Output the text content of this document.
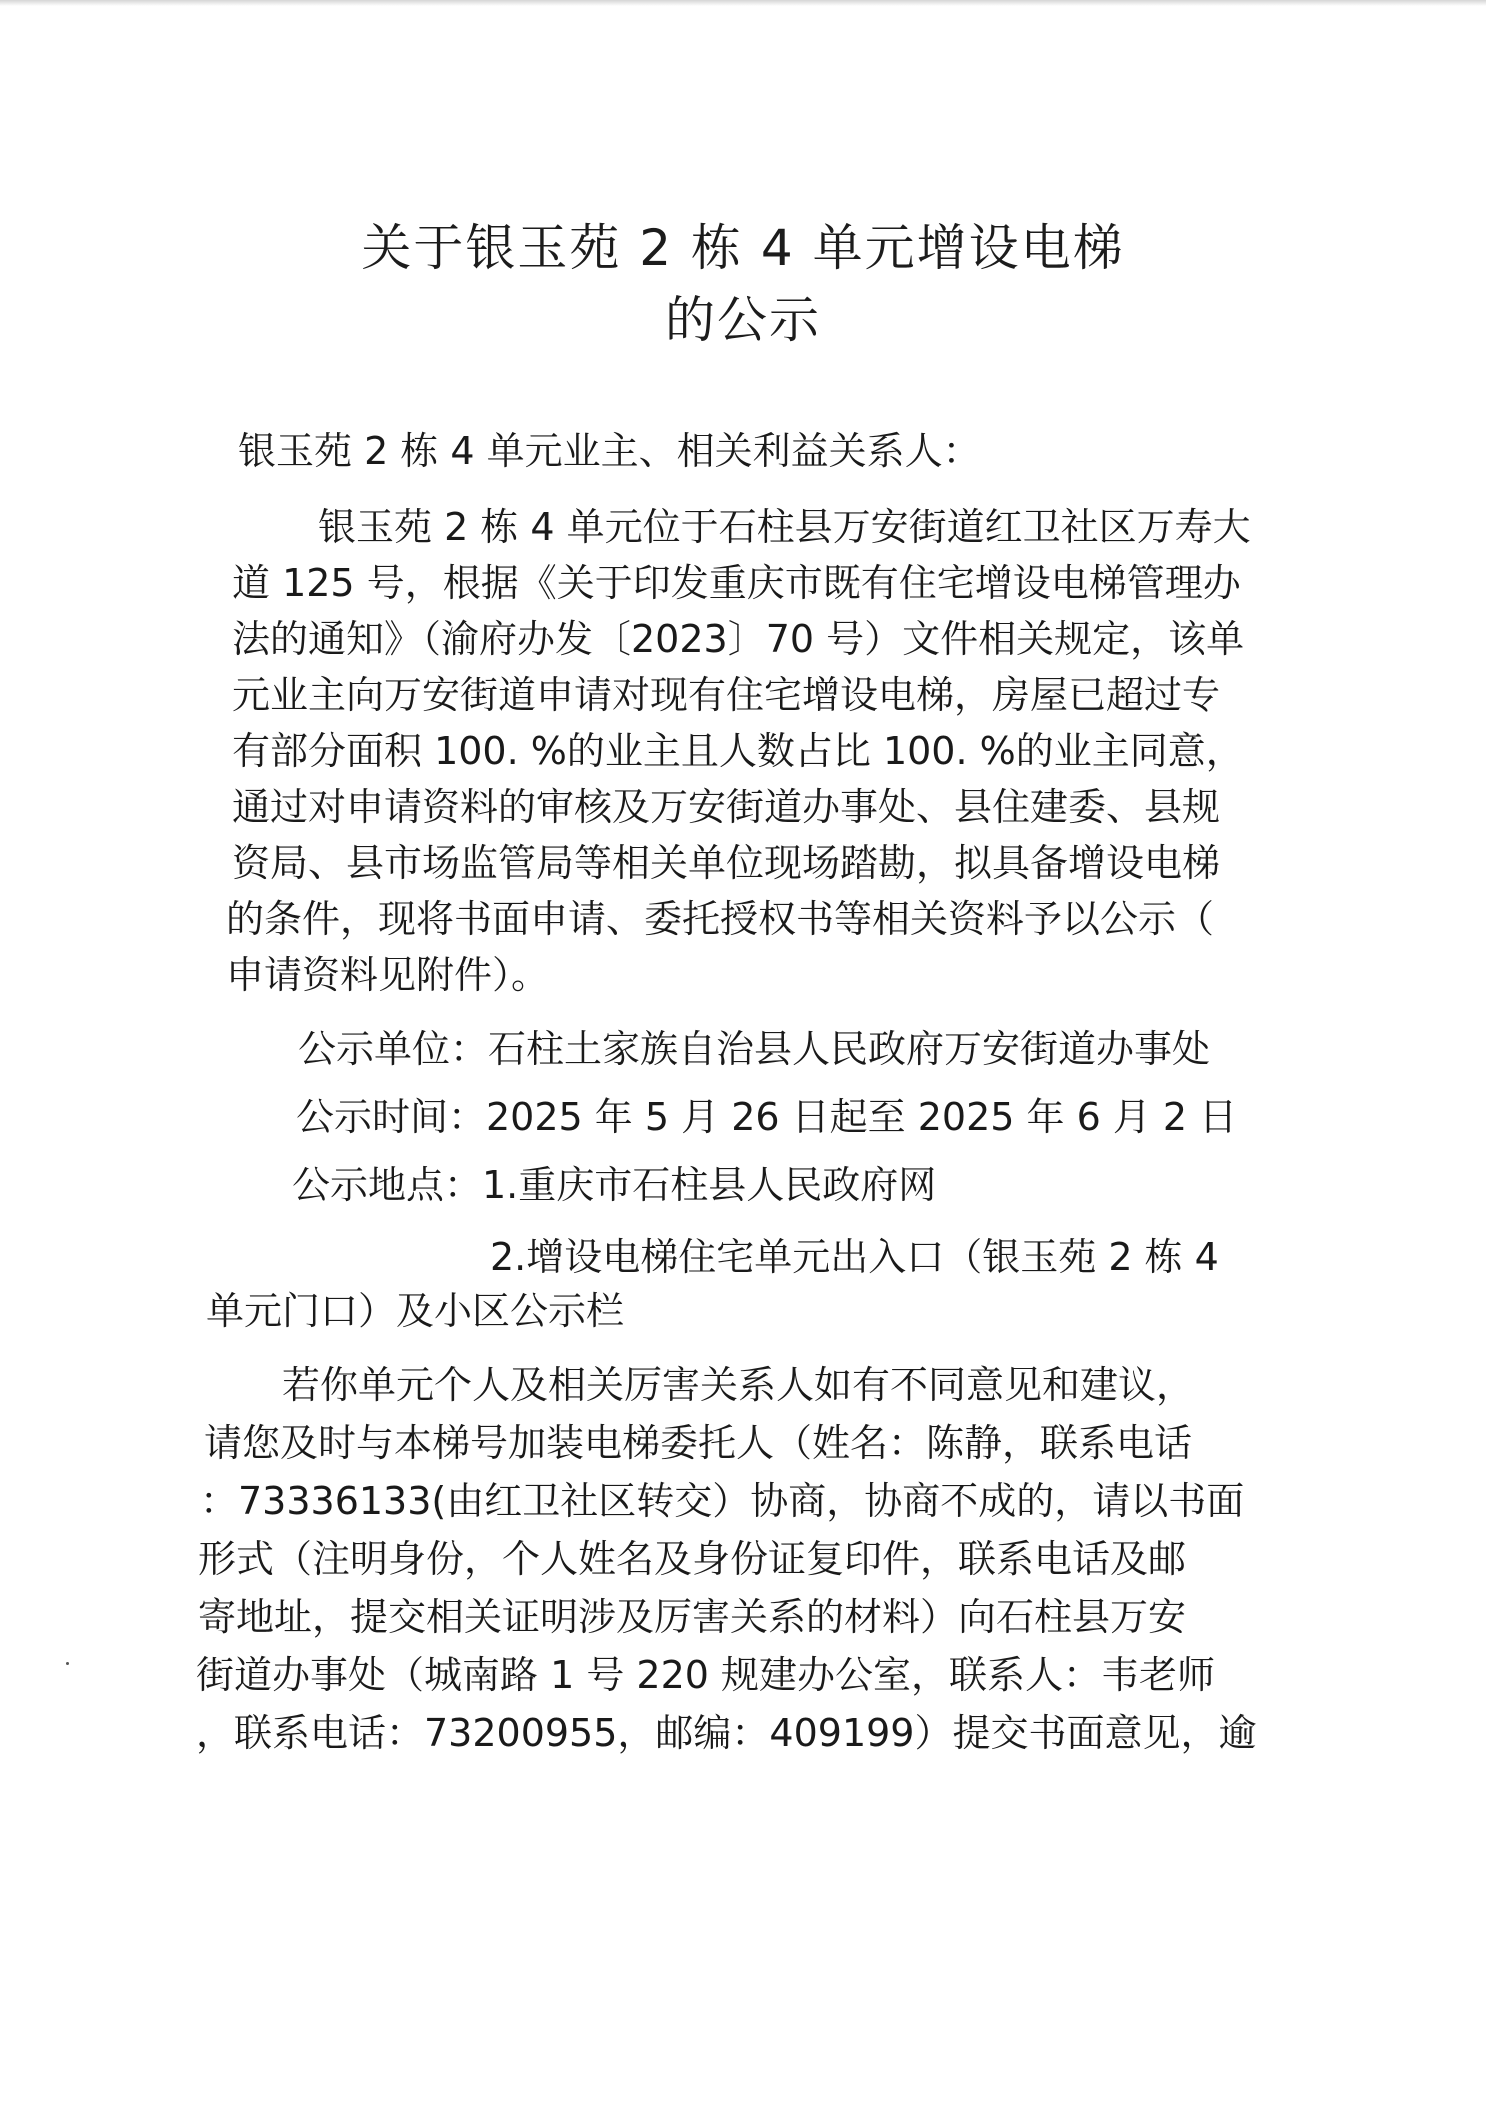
关于银玉苑 2 栋 4 单元增设电梯
的公示
银玉苑 2 栋 4 单元业主、相关利益关系人：
银玉苑 2 栋 4 单元位于石柱县万安街道红卫社区万寿大
道 125 号，根据《关于印发重庆市既有住宅增设电梯管理办
法的通知》（渝府办发〔2023〕70 号）文件相关规定，该单
元业主向万安街道申请对现有住宅增设电梯，房屋已超过专
有部分面积 100. %的业主且人数占比 100. %的业主同意，
通过对申请资料的审核及万安街道办事处、县住建委、县规
资局、县市场监管局等相关单位现场踏勘，拟具备增设电梯
的条件，现将书面申请、委托授权书等相关资料予以公示（
申请资料见附件）。
公示单位：石柱土家族自治县人民政府万安街道办事处
公示时间：2025 年 5 月 26 日起至 2025 年 6 月 2 日
公示地点：1.重庆市石柱县人民政府网
2.增设电梯住宅单元出入口（银玉苑 2 栋 4
单元门口）及小区公示栏
若你单元个人及相关厉害关系人如有不同意见和建议，
请您及时与本梯号加装电梯委托人（姓名：陈静，联系电话
：73336133(由红卫社区转交）协商，协商不成的，请以书面
形式（注明身份，个人姓名及身份证复印件，联系电话及邮
寄地址，提交相关证明涉及厉害关系的材料）向石柱县万安
街道办事处（城南路 1 号 220 规建办公室，联系人：韦老师
，联系电话：73200955，邮编：409199）提交书面意见，逾
